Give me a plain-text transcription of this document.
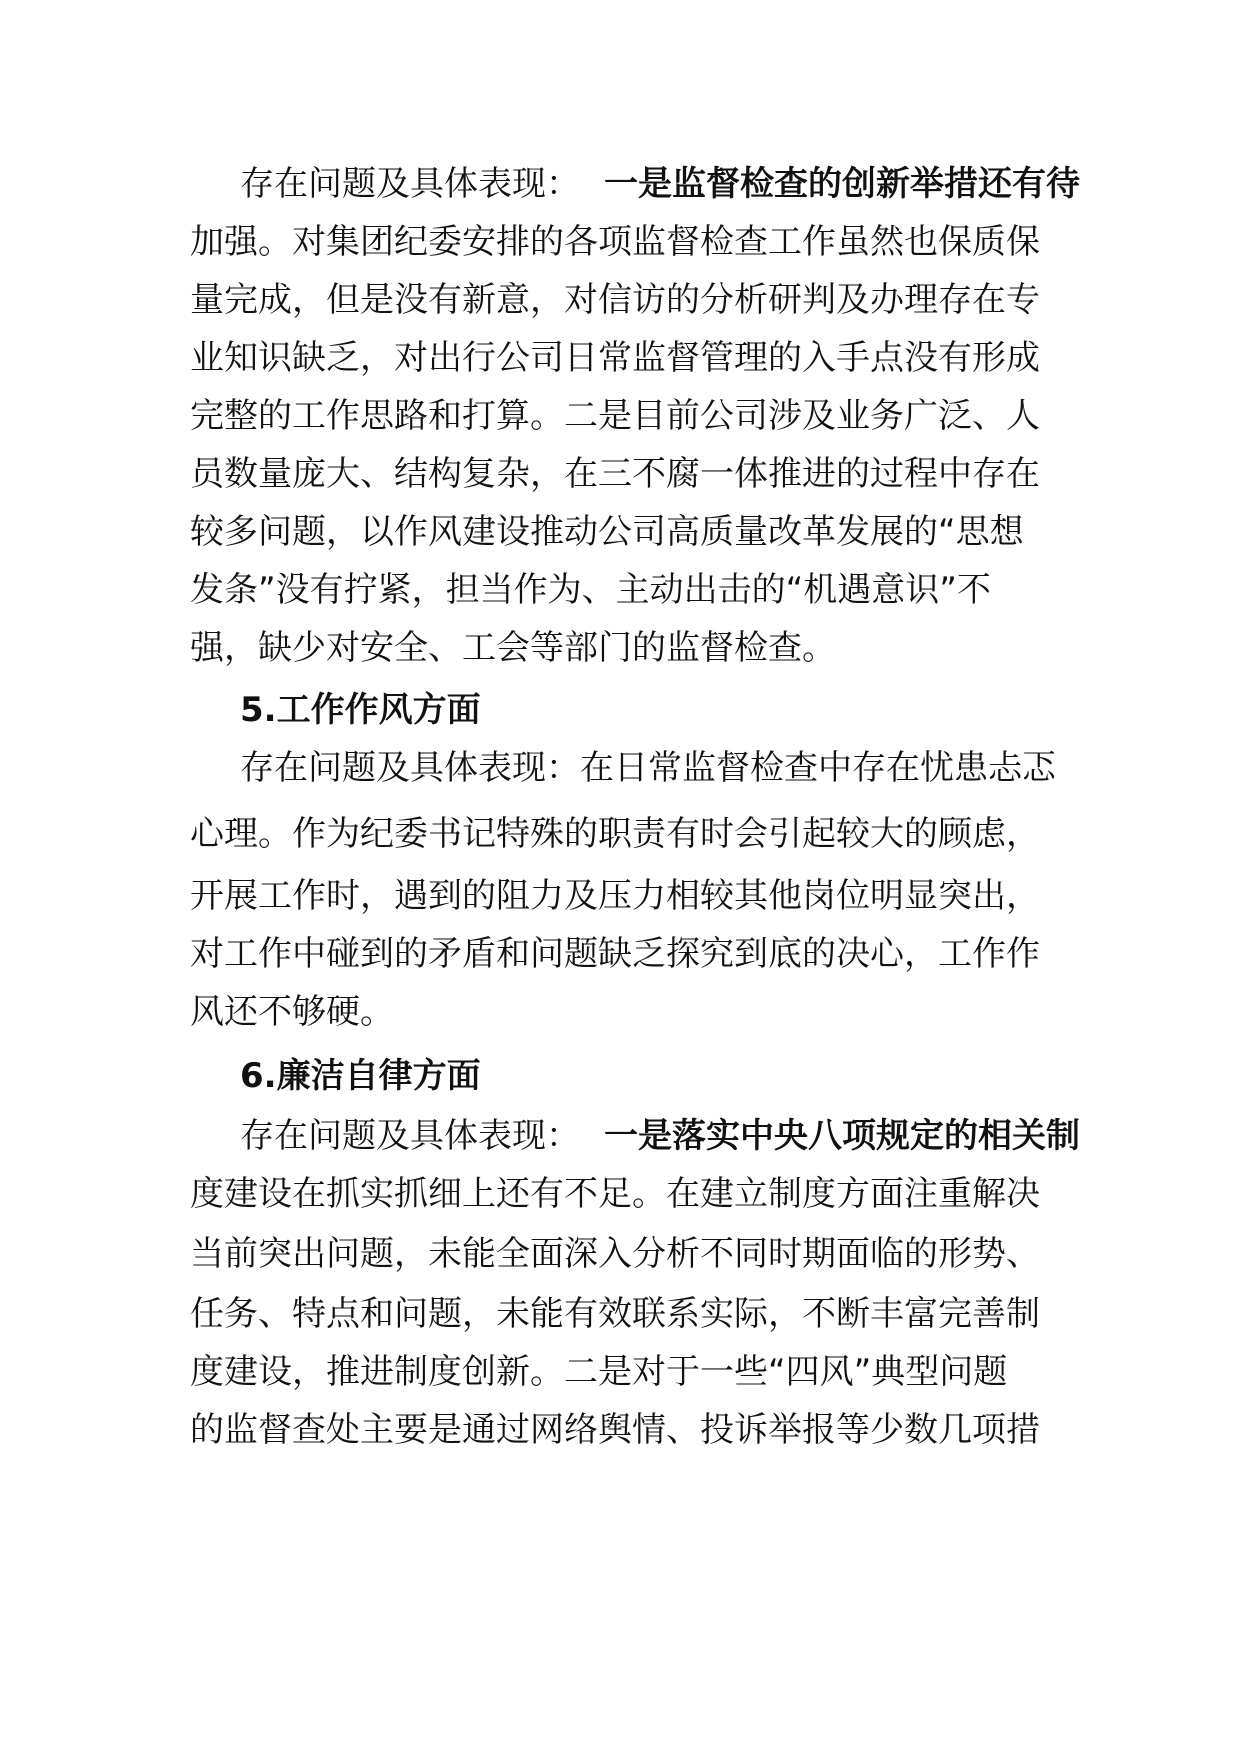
存在问题及具体表现： 一是监督检查的创新举措还有待
加强。对集团纪委安排的各项监督检查工作虽然也保质保
量完成，但是没有新意，对信访的分析研判及办理存在专
业知识缺乏，对出行公司日常监督管理的入手点没有形成
完整的工作思路和打算。二是目前公司涉及业务广泛、人
员数量庞大、结构复杂，在三不腐一体推进的过程中存在
较多问题，以作风建设推动公司高质量改革发展的“思想
发条”没有拧紧，担当作为、主动出击的“机遇意识”不
强，缺少对安全、工会等部门的监督检查。
5.工作作风方面
存在问题及具体表现：在日常监督检查中存在忧患忐忑
心理。作为纪委书记特殊的职责有时会引起较大的顾虑，
开展工作时，遇到的阻力及压力相较其他岗位明显突出，
对工作中碰到的矛盾和问题缺乏探究到底的决心，工作作
风还不够硬。
6.廉洁自律方面
存在问题及具体表现： 一是落实中央八项规定的相关制
度建设在抓实抓细上还有不足。在建立制度方面注重解决
当前突出问题，未能全面深入分析不同时期面临的形势、
任务、特点和问题，未能有效联系实际，不断丰富完善制
度建设，推进制度创新。二是对于一些“四风”典型问题
的监督查处主要是通过网络舆情、投诉举报等少数几项措
